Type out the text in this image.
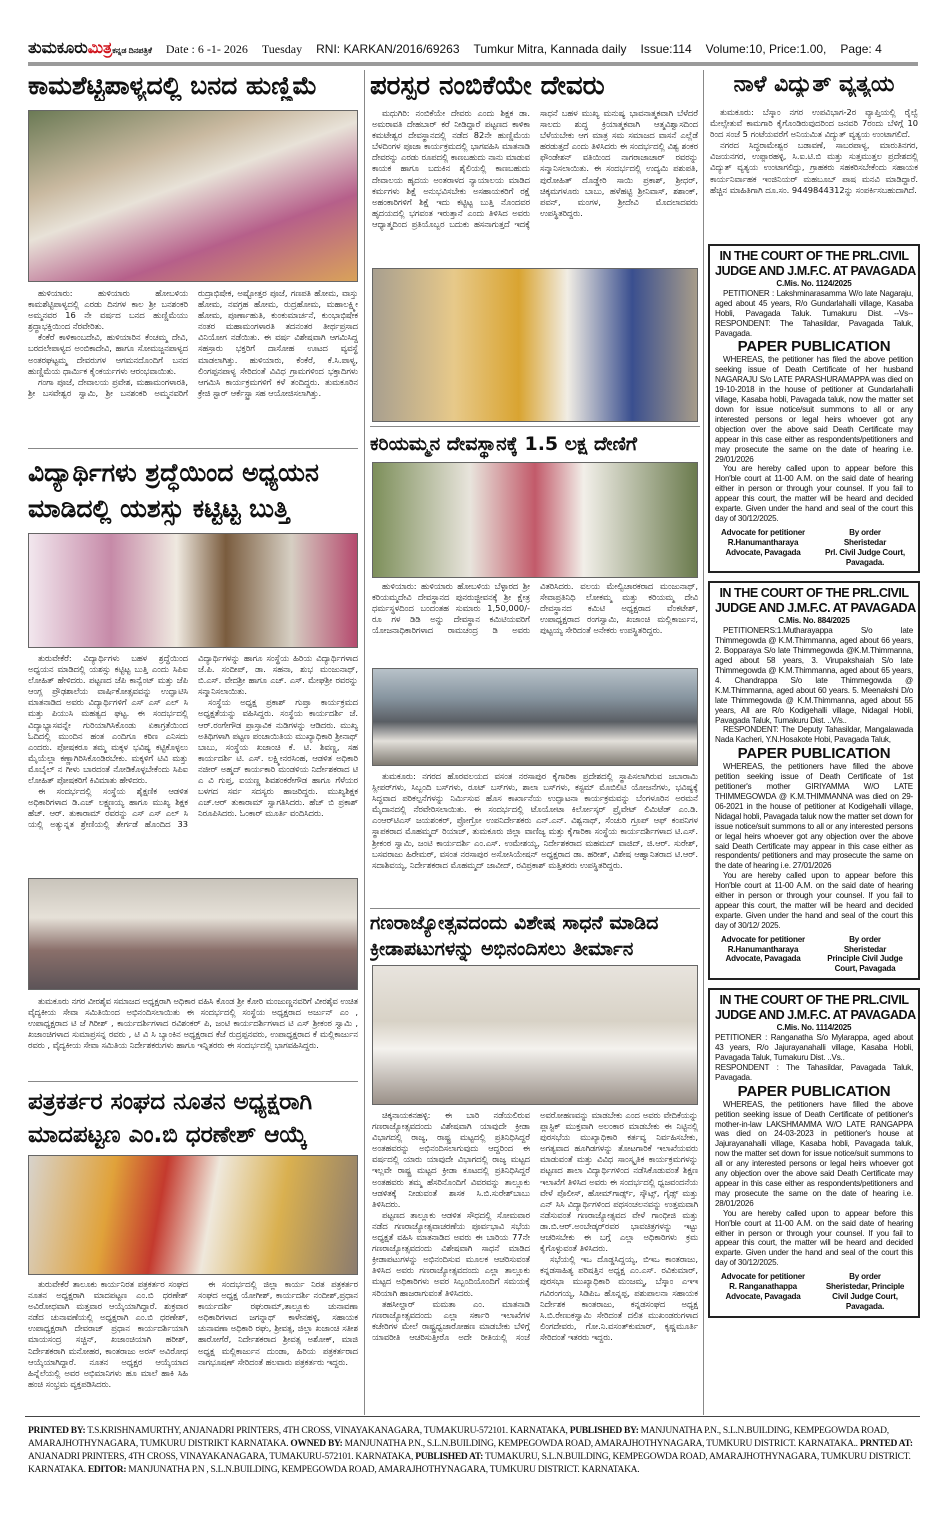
ತುಮಕೂರುಮಿತ್ರಕನ್ನಡ ದಿನಪತ್ರಿಕೆ Date : 6 -1- 2026 Tuesday RNI: KARKAN/2016/69263 Tumkur Mitra, Kannada daily Issue:114 Volume:10, Price:1.00, Page: 4
ಕಾಮಶೆಟ್ಟಿಪಾಳ್ಯದಲ್ಲಿ ಬನದ ಹುಣ್ಣಿಮೆ

ಹುಳಿಯಾರು: ಹುಳಿಯಾರು ಹೋಬಳಿಯ ಕಾಮಶೆಟ್ಟಿಪಾಳ್ಯದಲ್ಲಿ ಎರಡು ದಿನಗಳ ಕಾಲ ಶ್ರೀ ಬನಶಂಕರಿ ಅಮ್ಮನವರ 16 ನೇ ವರ್ಷದ ಬನದ ಹುಣ್ಣಿಮೆಯು ಶ್ರದ್ಧಾಭಕ್ತಿಯಿಂದ ನೆರವೇರಿತು.

ಕೆಂಕೆರೆ ಕಾಳಿಕಾಂಬದೇವಿ, ಹುಳಿಯಾರಿನ ಕೆಂಚಮ್ಮ ದೇವಿ, ಬರದಲೇಪಾಳ್ಯದ ಅಂಬಿಕಾದೇವಿ, ಹಾಗೂ ಸೋಮಜ್ಜನಪಾಳ್ಯದ ಅಂತರಘಟ್ಟಮ್ಮ ದೇವರುಗಳ ಆಗಮನದೊಂದಿಗೆ ಬನದ ಹುಣ್ಣಿಮೆಯ ಧಾರ್ಮಿಕ ಕೈಂಕರ್ಯಗಳು ಆರಂಭವಾಯಿತು.

ಗಂಗಾ ಪೂಜೆ, ದೇವಾಲಯ ಪ್ರವೇಶ, ಮಹಾಮಂಗಳಾರತಿ, ಶ್ರೀ ಬಸವೇಶ್ವರ ಸ್ವಾಮಿ, ಶ್ರೀ ಬನಶಂಕರಿ ಅಮ್ಮನವರಿಗೆ ರುದ್ರಾಭಿಷೇಕ, ಅಷ್ಟೋತ್ತರ ಪೂಜೆ, ಗಣಪತಿ ಹೋಮ, ವಾಸ್ತು ಹೋಮ, ನವಗ್ರಹ ಹೋಮ, ರುದ್ರಹೋಮ, ಮಹಾಲಕ್ಷ್ಮೀ ಹೋಮ, ಪೂರ್ಣಾಹುತಿ, ಕುಂಕುಮಾರ್ಚನೆ, ಕುಂಭಾಭಿಷೇಕ ನಂತರ ಮಹಾಮಂಗಳಾರತಿ ತದನಂತರ ತೀರ್ಥಪ್ರಸಾದ ವಿನಿಯೋಗ ನಡೆಯಿತು. ಈ ವರ್ಷ ವಿಶೇಷವಾಗಿ ಆಗಮಿಸಿದ್ದ ಸಹಸ್ರಾರು ಭಕ್ತರಿಗೆ ದಾಸೋಹ ಊಟದ ವ್ಯವಸ್ಥೆ ಮಾಡಲಾಗಿತ್ತು. ಹುಳಿಯಾರು, ಕೆಂಕೆರೆ, ಕೆ.ಸಿ.ಪಾಳ್ಯ, ಲಿಂಗಪ್ಪನಪಾಳ್ಯ ಸೇರಿದಂತೆ ವಿವಿಧ ಗ್ರಾಮಗಳಿಂದ ಭಕ್ತಾದಿಗಳು ಆಗಮಿಸಿ ಕಾರ್ಯಕ್ರಮಗಳಿಗೆ ಕಳೆ ತಂದಿದ್ದರು. ತುಮಕೂರಿನ ಕ್ರೇಜಿ ಸ್ಟಾರ್ ಆರ್ಕೆಸ್ಟ್ರಾ ಸಹ ಆಯೋಜಿಸಲಾಗಿತ್ತು.

ವಿದ್ಯಾರ್ಥಿಗಳು ಶ್ರದ್ಧೆಯಿಂದ ಅಧ್ಯಯನ
ಮಾಡಿದಲ್ಲಿ ಯಶಸ್ಸು ಕಟ್ಟಿಟ್ಟ ಬುತ್ತಿ

ತುರುವೇಕೆರೆ: ವಿದ್ಯಾರ್ಥಿಗಳು ಬಹಳ ಶ್ರದ್ಧೆಯಿಂದ ಅಧ್ಯಯನ ಮಾಡಿದಲ್ಲಿ ಯಶಸ್ಸು ಕಟ್ಟಿಟ್ಟ ಬುತ್ತಿ ಎಂದು ಸಿಪಿಐ ಲೋಹಿತ್ ಹೇಳಿದರು. ಪಟ್ಟಣದ ಜೆಪಿ ಕಾನ್ವೆಂಟ್ ಮತ್ತು ಜೆಪಿ ಆಂಗ್ಲ ಪ್ರೌಢಶಾಲೆಯ ವಾರ್ಷಿಕೋತ್ಸವವನ್ನು ಉದ್ಘಾಟಿಸಿ ಮಾತನಾಡಿದ ಅವರು ವಿದ್ಯಾರ್ಥಿಗಳಿಗೆ ಎಸ್ ಎಸ್ ಎಲ್ ಸಿ ಮತ್ತು ಪಿಯುಸಿ ಮಹತ್ವದ ಘಟ್ಟ. ಈ ಸಂದರ್ಭದಲ್ಲಿ ವಿದ್ಯಾಭ್ಯಾಸವನ್ನೇ ಗುರಿಯಾಗಿಸಿಕೊಂಡು ಏಕಾಗ್ರತೆಯಿಂದ ಓದಿದಲ್ಲಿ ಮುಂದಿನ ಹಂತ ಎಂದಿಗೂ ಕಠಿಣ ಎನಿಸದು ಎಂದರು. ಪೋಷಕರೂ ತಮ್ಮ ಮಕ್ಕಳ ಭವಿಷ್ಯ ಕಟ್ಟಿಕೊಳ್ಳಲು ಮೈಯೆಲ್ಲಾ ಕಣ್ಣಾಗಿರಿಸಿಕೊಂಡಿರಬೇಕು. ಮಕ್ಕಳಿಗೆ ಟಿವಿ ಮತ್ತು ಮೊಬೈಲ್ ನ ಗೀಳು ಬಾರದಂತೆ ನೋಡಿಕೊಳ್ಳಬೇಕೆಂದು ಸಿಪಿಐ ಲೋಹಿತ್ ಪೋಷಕರಿಗೆ ಕಿವಿಮಾತು ಹೇಳಿದರು.

ಈ ಸಂದರ್ಭದಲ್ಲಿ ಸಂಸ್ಥೆಯ ಶೈಕ್ಷಣಿಕ ಆಡಳಿತ ಅಧಿಕಾರಿಗಳಾದ ಡಿ.ಎಚ್ ಲಕ್ಷ್ಮಣಯ್ಯ ಹಾಗೂ ಮುಖ್ಯ ಶಿಕ್ಷಕ ಹೆಚ್. ಆರ್. ತುಕಾರಾಮ್ ರವರನ್ನು ಎಸ್ ಎಸ್ ಎಲ್ ಸಿ ಯಲ್ಲಿ ಅತ್ಯುನ್ನತ ಶ್ರೇಣಿಯಲ್ಲಿ ತೇರ್ಗಡೆ ಹೊಂದಿದ 33 ವಿದ್ಯಾರ್ಥಿಗಳನ್ನು ಹಾಗೂ ಸಂಸ್ಥೆಯ ಹಿರಿಯ ವಿದ್ಯಾರ್ಥಿಗಳಾದ ಜೆ.ಪಿ. ಸಂದೀಪ್, ಡಾ. ಸಹನಾ, ಶುಭ ಮಂಜುನಾಥ್, ಬಿ.ಎಸ್. ವೇದಶ್ರೀ ಹಾಗೂ ಎಚ್. ಎಸ್. ಮೇಘಶ್ರೀ ರವರನ್ನು ಸನ್ಮಾನಿಸಲಾಯಿತು.

ಸಂಸ್ಥೆಯ ಅಧ್ಯಕ್ಷ ಪ್ರಕಾಶ್ ಗುಪ್ತಾ ಕಾರ್ಯಕ್ರಮದ ಅಧ್ಯಕ್ಷತೆಯನ್ನು ವಹಿಸಿದ್ದರು. ಸಂಸ್ಥೆಯ ಕಾರ್ಯದರ್ಶಿ ಜೆ. ಆರ್.ರಂಗೇಗೌಡ ಪ್ರಾಸ್ತಾವಿಕ ನುಡಿಗಳನ್ನು ಆಡಿದರು. ಮುಖ್ಯ ಅತಿಥಿಗಳಾಗಿ ಪಟ್ಟಣ ಪಂಚಾಯಿತಿಯ ಮುಖ್ಯಾಧಿಕಾರಿ ಶ್ರೀನಾಥ್ ಬಾಬು, ಸಂಸ್ಥೆಯ ಖಜಾಂಚಿ ಕೆ. ಟಿ. ಶಿವಣ್ಣ, ಸಹ ಕಾರ್ಯದರ್ಶಿ ಟಿ. ಎಸ್. ಲಕ್ಷ್ಮೀನರಸಿಂಹ, ಆಡಳಿತ ಅಧಿಕಾರಿ ನಜೀರ್ ಅಹ್ಮದ್ ಕಾರ್ಯಕಾರಿ ಮಂಡಳಿಯ ನಿರ್ದೇಶಕರಾದ ಟಿ ಎ ವಿ ಗುಪ್ತ, ಐಯಣ್ಣ ಶಿವಶಂಕರೇಗೌಡ ಹಾಗೂ ಗೆಳೆಯರ ಬಳಗದ ಸರ್ವ ಸದಸ್ಯರು ಹಾಜರಿದ್ದರು. ಮುಖ್ಯಶಿಕ್ಷಕ ಎಚ್.ಆರ್ ತುಕಾರಾಮ್ ಸ್ವಾಗತಿಸಿದರು. ಹೆಚ್ ಬಿ ಪ್ರಕಾಶ್ ನಿರೂಪಿಸಿದರು. ಓಂಕಾರ್ ಮೂರ್ತಿ ವಂದಿಸಿದರು.

ತುಮಕೂರು ನಗರ ವೀರಶೈವ ಸಮಾಜದ ಅಧ್ಯಕ್ಷರಾಗಿ ಅಧಿಕಾರ ವಹಿಸಿ ಕೊಂಡ ಶ್ರೀ ಕೋರಿ ಮಂಜುಣ್ಣನವರಿಗೆ ವೀರಶೈವ ಉಚಿತ ವೈದ್ಯಕೀಯ ಸೇವಾ ಸಮಿತಿಯಿಂದ ಅಭಿನಂದಿಸಲಾಯಿತು ಈ ಸಂದರ್ಭದಲ್ಲಿ ಸಂಸ್ಥೆಯ ಅಧ್ಯಕ್ಷರಾದ ಅರ್ಜುನ್ ಎಂ , ಉಪಾಧ್ಯಕ್ಷರಾದ ಟಿ ಜೆ ಗಿರೀಶ್ , ಕಾರ್ಯದರ್ಶಿಗಳಾದ ರವಿಶಂಕರ್ ಪಿ, ಜಂಟಿ ಕಾರ್ಯದರ್ಶಿಗಳಾದ ಟಿ ಎಸ್ ಶ್ರೀಕಂಠ ಸ್ವಾಮಿ , ಖಜಾಂಚಿಗಳಾದ ಸುಮಾಪ್ರಸನ್ನ ರವರು , ಟಿ ವಿ ಸಿ ಬ್ಯಾಂಕಿನ ಅಧ್ಯಕ್ಷರಾದ ಕೆಜೆ ರುದ್ರಪ್ಪನವರು, ಉಪಾಧ್ಯಕ್ಷರಾದ ಕೆ ಮಲ್ಲಿಕಾರ್ಜುನ ರವರು , ವೈದ್ಯಕೀಯ ಸೇವಾ ಸಮಿತಿಯ ನಿರ್ದೇಶಕರುಗಳು ಹಾಗೂ ಇನ್ನಿತರರು ಈ ಸಂದರ್ಭದಲ್ಲಿ ಭಾಗವಹಿಸಿದ್ದರು.

ಪತ್ರಕರ್ತರ ಸಂಘದ ನೂತನ ಅಧ್ಯಕ್ಷರಾಗಿ
ಮಾದಪಟ್ಟಣ ಎಂ.ಬಿ ಧರಣೇಶ್ ಆಯ್ಕೆ

ತುರುವೇಕೆರೆ ತಾಲೂಕು ಕಾರ್ಯನಿರತ ಪತ್ರಕರ್ತರ ಸಂಘದ ನೂತನ ಅಧ್ಯಕ್ಷರಾಗಿ ಮಾದಪಟ್ಟಣ ಎಂ.ಬಿ ಧರಣೇಶ್ ಅವಿರೋಧವಾಗಿ ಮತ್ತವಾರ ಆಯ್ಕೆಯಾಗಿದ್ದಾರೆ. ಶುಕ್ರವಾರ ನಡೆದ ಚುನಾವಣೆಯಲ್ಲಿ ಅಧ್ಯಕ್ಷರಾಗಿ ಎಂ.ಬಿ ಧರಣೇಶ್, ಉಪಾಧ್ಯಕ್ಷರಾಗಿ ದೇವರಾಜ್ ಪ್ರಧಾನ ಕಾರ್ಯದರ್ಶಿಯಾಗಿ ಮಾಯಸಂದ್ರ ಸಚ್ಚಿನ್, ಖಜಾಂಚಿಯಾಗಿ ಹರೀಶ್, ನಿರ್ದೇಶಕರಾಗಿ ಮನೋಹರ, ಕಾಂತರಾಜು ಅರಸ್ ಅವಿರೋಧ ಆಯ್ಕೆಯಾಗಿದ್ದಾರೆ. ನೂತನ ಅಧ್ಯಕ್ಷರ ಆಯ್ಕೆಯಾದ ಹಿನ್ನೆಲೆಯಲ್ಲಿ ಅವರ ಅಭಿಮಾನಿಗಳು ಹೂ ಮಾಲೆ ಹಾಕಿ ಸಿಹಿ ಹಂಚಿ ಸಂಭ್ರಮ ವ್ಯಕ್ತಪಡಿಸಿದರು.

ಈ ಸಂದರ್ಭದಲ್ಲಿ ಜಿಲ್ಲಾ ಕಾರ್ಯ ನಿರತ ಪತ್ರಕರ್ತರ ಸಂಘದ ಅಧ್ಯಕ್ಷ ಯೋಗೀಶ್, ಕಾರ್ಯದರ್ಶಿ ನಂದೀಶ್,ಪ್ರಧಾನ ಕಾರ್ಯದರ್ಶಿ ರಘುರಾಮ್,ತಾಲ್ಲೂಕು ಚುನಾವಣಾ ಅಧಿಕಾರಿಗಳಾದ ಜಗನ್ನಾಥ್ ಕಾಳೇನಹಳ್ಳಿ, ಸಹಾಯಕ ಚುನಾವಣಾ ಅಧಿಕಾರಿ ರಘು, ಶ್ರೀವತ್ಸ, ಜಿಲ್ಲಾ ಖಜಾಂಚಿ ಸತೀಶ ಹಾರೋಗೆರೆ, ನಿರ್ದೇಶಕರಾದ ಶ್ರೀವತ್ಸ ಅಶೋಕ್, ಮಾಜಿ ಅಧ್ಯಕ್ಷ ಮಲ್ಲಿಕಾರ್ಜುನ ದುಂಡಾ, ಹಿರಿಯ ಪತ್ರಕರ್ತರಾದ ನಾಗಭೂಷಣ್ ಸೇರಿದಂತೆ ಹಲವಾರು ಪತ್ರಕರ್ತರು ಇದ್ದರು.

ಪರಸ್ಪರ ನಂಬಿಕೆಯೇ ದೇವರು

ಮಧುಗಿರಿ: ನಂಬಿಕೆಯೇ ದೇವರು ಎಂದು ಶಿಕ್ಷಕ ಡಾ. ಅಮರಾವತಿ ದೇಹಬಾರ್ ಕರೆ ನೀಡಿದ್ದಾರೆ ಪಟ್ಟಣದ ಕಾಳಿಕಾ ಕಮಟೇಶ್ವರ ದೇವಸ್ಥಾನದಲ್ಲಿ ನಡೆದ 82ನೇ ಹುಣ್ಣಿಮೆಯ ಬೆಳದಿಂಗಳ ಪೂಜಾ ಕಾರ್ಯಕ್ರಮದಲ್ಲಿ ಭಾಗವಹಿಸಿ ಮಾತನಾಡಿ ದೇವರನ್ನು ಎರಡು ರೂಪದಲ್ಲಿ ಕಾಣಬಹುದು ನಾನು ಮಾಡುವ ಕಾಯಕ ಹಾಗೂ ಬದುಕಿನ ಶೈಲಿಯಲ್ಲಿ ಕಾಣಬಹುದು ದೇವಾಲಯ ಹೃದಯ ಅಂತರಾಳದ ನ್ಯಾಯಾಲಯ ಮಾಡಿದ ಕರ್ಮಗಳು ಶಿಕ್ಷೆ ಅನುಭವಿಸಬೇಕು ಅಸಹಾಯಕರಿಗೆ ರಕ್ಷೆ ಅಹಂಕಾರಿಗಳಿಗೆ ಶಿಕ್ಷೆ ಇದು ಕಟ್ಟಿಟ್ಟ ಬುತ್ತಿ ನೊಂದವರ ಹೃದಯದಲ್ಲಿ ಭಗವಂತ ಇರುತ್ತಾನೆ ಎಂದು ತಿಳಿಸಿದ ಅವರು ಆಧ್ಯಾತ್ಮದಿಂದ ಪ್ರತಿಯೊಬ್ಬರ ಬದುಕು ಹಸನಾಗುತ್ತದೆ ಇದಕ್ಕೆ ಸಾಧನೆ ಬಹಳ ಮುಖ್ಯ ಮನುಷ್ಯ ಭಾವನಾತ್ಮಕವಾಗಿ ಬೆಳೆದರೆ ಸಾಲದು ಶುದ್ಧ ಕ್ರಿಯಾತ್ಮಕವಾಗಿ ಆತ್ಮವಿಶ್ವಾಸದಿಂದ ಬೆಳೆಯಬೇಕು ಆಗ ಮಾತ್ರ ಸಮ ಸಮಾಜದ ವಾಸನೆ ಎಲ್ಲೆಡೆ ಹರಡುತ್ತದೆ ಎಂದು ತಿಳಿಸಿದರು ಈ ಸಂದರ್ಭದಲ್ಲಿ ವಿಶ್ವ ಶಂಕರ ಫೌಂಡೇಶನ್ ವತಿಯಿಂದ ನಾಗರಾಜಾಚಾರ್ ರವರನ್ನು ಸನ್ಮಾನಿಸಲಾಯಿತು. ಈ ಸಂದರ್ಭದಲ್ಲಿ ಉದ್ಯಮಿ ಪಶುಪತಿ, ಪುರೋಹಿತ್ ದೊಡ್ಡೇರಿ ಸಾಯಿ ಪ್ರಕಾಶ್, ಶ್ರೀಧರ್, ಚಿಕ್ಕಮಗಳೂರು ಬಾಬು, ಹಳೆಹಟ್ಟಿ ಶ್ರೀನಿವಾಸ್, ಶಶಾಂಕ್, ಪವನ್, ಮಂಗಳ, ಶ್ರೀದೇವಿ ಮೊದಲಾದವರು ಉಪಸ್ಥಿತರಿದ್ದರು.

ಕರಿಯಮ್ಮನ ದೇವಸ್ಥಾನಕ್ಕೆ 1.5 ಲಕ್ಷ ದೇಣಿಗೆ

ಹುಳಿಯಾರು: ಹುಳಿಯಾರು ಹೋಬಳಿಯ ಬೆಳ್ಳಾರದ ಶ್ರೀ ಕರಿಯಮ್ಮದೇವಿ ದೇವಸ್ಥಾನದ ಪುನರುಜ್ಜೀವನಕ್ಕೆ ಶ್ರೀ ಕ್ಷೇತ್ರ ಧರ್ಮಸ್ಥಳದಿಂದ ಬಂದಂತಹ ಸುಮಾರು 1,50,000/- ರೂ ಗಳ ಡಿಡಿ ಅನ್ನು ದೇವಸ್ಥಾನ ಕಮಿಟಿಯವರಿಗೆ ಯೋಜನಾಧಿಕಾರಿಗಳಾದ ರಾಮಚಂದ್ರ ಡಿ ಅವರು ವಿತರಿಸಿದರು. ವಲಯ ಮೇಲ್ವಿಚಾರಕರಾದ ಮಂಜುನಾಥ್, ಸೇವಾಪ್ರತಿನಿಧಿ ಲೋಕಮ್ಮ ಮತ್ತು ಕರಿಯಮ್ಮ ದೇವಿ ದೇವಸ್ಥಾನದ ಕಮಿಟಿ ಅಧ್ಯಕ್ಷರಾದ ವೆಂಕಟೇಶ್, ಉಪಾಧ್ಯಕ್ಷರಾದ ರಂಗಸ್ವಾಮಿ, ಖಜಾಂಚಿ ಮಲ್ಲಿಕಾರ್ಜುನ, ಪುಟ್ಟಯ್ಯ ಸೇರಿದಂತೆ ಅನೇಕರು ಉಪಸ್ಥಿತರಿದ್ದರು.

ತುಮಕೂರು: ನಗರದ ಹೊರವಲಯದ ವಸಂತ ನರಸಾಪುರ ಕೈಗಾರಿಕಾ ಪ್ರದೇಶದಲ್ಲಿ ಸ್ಥಾಪಿಸಲಾಗಿರುವ ಜಬಾರಾಮಿ ಸ್ಲೀಪರ್‌ಗಳು, ಸಿಬ್ಬಂದಿ ಬಸ್‌ಗಳು, ರೂಟ್ ಬಸ್‌ಗಳು, ಶಾಲಾ ಬಸ್‌ಗಳು, ಕಸ್ಟಮ್ ಮೊಬಿಲಿಟಿ ಯೋಜನೆಗಳು, ಭವಿಷ್ಯಕ್ಕೆ ಸಿದ್ಧವಾದ ಪರಿಕಲ್ಪನೆಗಳನ್ನು ನಿರ್ಮಿಸುವ ಹೊಸ ಕಾರ್ಖಾನೆಯ ಉದ್ಘಾಟನಾ ಕಾರ್ಯಕ್ರಮವನ್ನು ಬೆಂಗಳೂರಿನ ಅರಮನೆ ಮೈದಾನದಲ್ಲಿ ನೆರವೇರಿಸಲಾಯಿತು. ಈ ಸಂದರ್ಭದಲ್ಲಿ ಟೊಯೋಟಾ ಕಿರ್ಲೋಸ್ಕರ್ ಪ್ರೈವೇಟ್ ಲಿಮಿಟೆಡ್ ಎಂ.ಡಿ. ಎಂಆರ್‌ಟಿಎಸ್ ಜಯಶಂಕರ್, ಪ್ರೋಗ್ರೋ ಉಪನಿರ್ದೇಶಕರು ಎನ್.ಎನ್. ವಿಶ್ವನಾಥ್, ಸೆಂಚುರಿ ಗ್ರೂಪ್ ಆಫ್ ಕಂಪನಿಗಳ ಸ್ಥಾಪಕರಾದ ಮೊಹಮ್ಮದ್ ರಿಯಾಜ್, ತುಮಕೂರು ಜಿಲ್ಲಾ ವಾಣಿಜ್ಯ ಮತ್ತು ಕೈಗಾರಿಕಾ ಸಂಸ್ಥೆಯ ಕಾರ್ಯದರ್ಶಿಗಳಾದ ಟಿ.ಎಸ್. ಶ್ರೀಕಂಠ ಸ್ವಾಮಿ, ಜಂಟಿ ಕಾರ್ಯದರ್ಶಿ ಎಂ.ಎಸ್. ಉಮೇಶಯ್ಯ, ನಿರ್ದೇಶಕರಾದ ಮಹಮದ್ ವಾಜಿದ್, ಜಿ.ಆರ್. ಸುರೇಶ್, ಬಸವರಾಜು ಹಿರೇಮಠ್, ವಸಂತ ನರಸಾಪುರ ಅಸೋಸಿಯೇಷನ್ ಅಧ್ಯಕ್ಷರಾದ ಡಾ. ಹರೀಶ್, ವಿಶೇಷ ಆಹ್ವಾನಿತರಾದ ಟಿ.ಆರ್. ಸದಾಶಿವಯ್ಯ, ನಿರ್ದೇಶಕರಾದ ಮೊಹಮ್ಮದ್ ಜಾವೀದ್, ರವಿಪ್ರಕಾಶ್ ಮತ್ತಿತರರು ಉಪಸ್ಥಿತರಿದ್ದರು.

ಗಣರಾಜ್ಯೋತ್ಸವದಂದು ವಿಶೇಷ ಸಾಧನೆ ಮಾಡಿದ
ಕ್ರೀಡಾಪಟುಗಳನ್ನು ಅಭಿನಂದಿಸಲು ತೀರ್ಮಾನ

ಚಿಕ್ಕನಾಯಕನಹಳ್ಳಿ: ಈ ಬಾರಿ ನಡೆಯಲಿರುವ ಗಣರಾಜ್ಯೋತ್ಸವದಂದು ವಿಶೇಷವಾಗಿ ಯಾವುದೇ ಕ್ರೀಡಾ ವಿಭಾಗದಲ್ಲಿ ರಾಜ್ಯ, ರಾಷ್ಟ್ರ ಮಟ್ಟದಲ್ಲಿ ಪ್ರತಿನಿಧಿಸಿದ್ದರೆ ಅಂತಹವರನ್ನು ಅಭಿನಂದಿಸಲಾಗುವುದು ಆದ್ದರಿಂದ ಈ ವರ್ಷದಲ್ಲಿ ಯಾರು ಯಾವುದೇ ವಿಭಾಗದಲ್ಲಿ ರಾಜ್ಯ ಮಟ್ಟದ ಇಲ್ಲವೇ ರಾಷ್ಟ್ರ ಮಟ್ಟದ ಕ್ರೀಡಾ ಕೂಟದಲ್ಲಿ ಪ್ರತಿನಿಧಿಸಿದ್ದರೆ ಅಂತಹವರು ತಮ್ಮ ಹೆಸರಿನೊಂದಿಗೆ ವಿವರವನ್ನು ತಾಲ್ಲೂಕು ಆಡಳಿತಕ್ಕೆ ನೀಡುವಂತೆ ಶಾಸಕ ಸಿ.ಬಿ.ಸುರೇಶ್‌ಬಾಬು ತಿಳಿಸಿದರು.

ಪಟ್ಟಣದ ತಾಲ್ಲೂಕು ಆಡಳಿತ ಸೌಧದಲ್ಲಿ ಸೋಮವಾರ ನಡೆದ ಗಣರಾಜ್ಯೋತ್ಸವಾಚರಣೆಯ ಪೂರ್ವಭಾವಿ ಸಭೆಯ ಅಧ್ಯಕ್ಷತೆ ವಹಿಸಿ ಮಾತನಾಡಿದ ಅವರು ಈ ಬಾರಿಯ 77ನೇ ಗಣರಾಜ್ಯೋತ್ಸವದಂದು ವಿಶೇಷವಾಗಿ ಸಾಧನೆ ಮಾಡಿದ ಕ್ರೀಡಾಪಟುಗಳನ್ನು ಅಭಿನಂದಿಸುವ ಮೂಲಕ ಆಚರಿಸುವಂತೆ ತಿಳಿಸಿದ ಅವರು ಗಣರಾಜ್ಯೋತ್ಸವದಂದು ಎಲ್ಲಾ ತಾಲ್ಲೂಕು ಮಟ್ಟದ ಅಧಿಕಾರಿಗಳು ಅವರ ಸಿಬ್ಬಂದಿಯೊಂದಿಗೆ ಸಮಯಕ್ಕೆ ಸರಿಯಾಗಿ ಹಾಜರಾಗುವಂತೆ ತಿಳಿಸಿದರು.

ತಹಸೀಲ್ದಾರ್ ಮಮತಾ ಎಂ. ಮಾತನಾಡಿ ಗಣರಾಜ್ಯೋತ್ಸವದಂದು ಎಲ್ಲಾ ಸರ್ಕಾರಿ ಇಲಾಖೆಗಳ ಕಚೇರಿಗಳ ಮೇಲೆ ರಾಷ್ಟ್ರಧ್ವಜಾರೋಹಣ ಮಾಡಬೇಕು ಬೆಳಿಗ್ಗೆ ಯಾವರೀತಿ ಆಚರಿಸುತ್ತೀರೊ ಅದೇ ರೀತಿಯಲ್ಲಿ ಸಂಜೆ ಅವರೋಹಣವನ್ನು ಮಾಡಬೇಕು ಎಂದ ಅವರು ವೇದಿಕೆಯನ್ನು ಪ್ಲಾಸ್ಟಿಕ್ ಮುಕ್ತವಾಗಿ ಅಲಂಕಾರ ಮಾಡಬೇಕು ಈ ನಿಟ್ಟಿನಲ್ಲಿ ಪುರಸಭೆಯ ಮುಖ್ಯಾಧಿಕಾರಿ ಕರ್ತವ್ಯ ನಿರ್ವಹಿಸಬೇಕು, ಅಗತ್ಯವಾದ ಹೂಗಿಡಗಳನ್ನು ತೋಟಗಾರಿಕೆ ಇಲಾಖೆಯವರು ಮಾಡುವಂತೆ ಮತ್ತು ವಿವಿಧ ಸಾಂಸ್ಕೃತಿಕ ಕಾರ್ಯಕ್ರಮಗಳನ್ನು ಪಟ್ಟಣದ ಶಾಲಾ ವಿದ್ಯಾರ್ಥಿಗಳಿಂದ ನಡೆಸಿಕೊಡುವಂತೆ ಶಿಕ್ಷಣ ಇಲಾಖೆಗೆ ತಿಳಿಸಿದ ಅವರು ಈ ಸಂದರ್ಭದಲ್ಲಿ ಧ್ವಜವಂದನೆಯ ವೇಳೆ ಪೊಲೀಸ್, ಹೋಮ್‌ಗಾರ್ಡ್ಸ್, ಸ್ಕೌಟ್ಸ್, ಗೈಡ್ಸ್ ಮತ್ತು ಎನ್ ಸಿಸಿ ವಿದ್ಯಾರ್ಥಿಗಳಿಂದ ಪಥಸಂಚಲನವನ್ನು ಉತ್ತಮವಾಗಿ ನಡೆಸುವಂತೆ ಗಣರಾಜ್ಯೋತ್ಸವದ ವೇಳೆ ಗಾಂಧೀಜಿ ಮತ್ತು ಡಾ.ಬಿ.ಆರ್.ಅಂಬೇಡ್ಕರ್‌ರವರ ಭಾವಚಿತ್ರಗಳನ್ನು ಇಟ್ಟು ಆಚರಿಸಬೇಕು ಈ ಬಗ್ಗೆ ಎಲ್ಲಾ ಅಧಿಕಾರಿಗಳು ಕ್ರಮ ಕೈಗೊಳ್ಳುವಂತೆ ತಿಳಿಸಿದರು.

ಸಭೆಯಲ್ಲಿ ಇಒ ದೊಡ್ಡಸಿದ್ದಯ್ಯ, ಬಿಇಒ ಕಾಂತರಾಜು, ಕನ್ನಡಸಾಹಿತ್ಯ ಪರಿಷತ್ತಿನ ಅಧ್ಯಕ್ಷ ಎಂ.ಎಸ್. ರವಿಕುಮಾರ್, ಪುರಸಭಾ ಮುಖ್ಯಾಧಿಕಾರಿ ಮಂಜಮ್ಮ, ಬೆಸ್ಕಾಂ ಎಇಇ ಗವಿರಂಗಯ್ಯ, ಸಿಡಿಪಿಒ ಹೊನ್ನಪ್ಪ, ಪಶುಪಾಲನಾ ಸಹಾಯಕ ನಿರ್ದೇಶಕ ಕಾಂತರಾಜು, ಕನ್ನಡಸಂಘದ ಅಧ್ಯಕ್ಷ ಸಿ.ಬಿ.ರೇಣುಕಸ್ವಾಮಿ ಸೇರಿದಂತೆ ದಲಿತ ಮುಖಂಡರುಗಳಾದ ಲಿಂಗದೇವರು, ಗೋ.ನಿ.ವಸಂತ್‌ಕುಮಾರ್, ಕೃಷ್ಣಮೂರ್ತಿ ಸೇರಿದಂತೆ ಇತರರು ಇದ್ದರು.

ನಾಳೆ ವಿದ್ಯುತ್ ವ್ಯತ್ಯಯ

ತುಮಕೂರು: ಬೆಸ್ಕಾಂ ನಗರ ಉಪವಿಭಾಗ-2ರ ವ್ಯಾಪ್ತಿಯಲ್ಲಿ ರೈಲ್ವೆ ಮೇಲ್ಸೇತುವೆ ಕಾಮಗಾರಿ ಕೈಗೊಂಡಿರುವುದರಿಂದ ಜನವರಿ 7ರಂದು ಬೆಳಿಗ್ಗೆ 10 ರಿಂದ ಸಂಜೆ 5 ಗಂಟೆಯವರೆಗೆ ಅನಿಯಮಿತ ವಿದ್ಯುತ್ ವ್ಯತ್ಯಯ ಉಂಟಾಗಲಿದೆ.

ನಗರದ ಸಿದ್ಧರಾಮೇಶ್ವರ ಬಡಾವಣೆ, ಸಾಬರಪಾಳ್ಯ, ಮಾರುತಿನಗರ, ವಿಜಯನಗರ, ಉಪ್ಪಾರಹಳ್ಳಿ, ಸಿ.ಐ.ಟಿ.ಬಿ ಮತ್ತು ಸುತ್ತಮುತ್ತಲ ಪ್ರದೇಶದಲ್ಲಿ ವಿದ್ಯುತ್ ವ್ಯತ್ಯಯ ಉಂಟಾಗಲಿದ್ದು, ಗ್ರಾಹಕರು ಸಹಕರಿಸಬೇಕೆಂದು ಸಹಾಯಕ ಕಾರ್ಯನಿರ್ವಾಹಕ ಇಂಜಿನಿಯರ್ ಮಹಬೂಬ್ ಪಾಷ ಮನವಿ ಮಾಡಿದ್ದಾರೆ. ಹೆಚ್ಚಿನ ಮಾಹಿತಿಗಾಗಿ ದೂ.ಸಂ. 9449844312ನ್ನು ಸಂಪರ್ಕಿಸಬಹುದಾಗಿದೆ.

IN THE COURT OF THE PRL.CIVIL
JUDGE AND J.M.F.C. AT PAVAGADA
C.Mis. No. 1124/2025

PETITIONER : Lakshminarasamma W/o late Nagaraju, aged about 45 years, R/o Gundarlahalli village, Kasaba Hobli, Pavagada Taluk. Tumakuru Dist. --Vs-- RESPONDENT: The Tahasildar, Pavagada Taluk, Pavagada.

PAPER PUBLICATION

WHEREAS, the petitioner has filed the above petition seeking issue of Death Certificate of her husband NAGARAJU S/o LATE PARASHURAMAPPA was died on 19-10-2018 in the house of petitioner at Gundarlahalli village, Kasaba hobli, Pavagada taluk, now the matter set down for issue notice/suit summons to all or any interested persons or legal heirs whoever got any objection over the above said Death Certificate may appear in this case either as respondents/petitioners and may prosecute the same on the date of hearing i.e. 29/01/2026

You are hereby called upon to appear before this Hon'ble court at 11-00 A.M. on the said date of hearing either in person or through your counsel. If you fail to appear this court, the matter will be heard and decided exparte. Given under the hand and seal of the court this day of 30/12/2025.

Advocate for petitioner
R.Hanumantharaya
Advocate, Pavagada
By order
Sheristedar
Prl. Civil Judge Court,
Pavagada.
IN THE COURT OF THE PRL.CIVIL
JUDGE AND J.M.F.C. AT PAVAGADA
C.Mis. No. 884/2025

PETITIONERS:1.Mutharayappa S/o late Thimmegowda @ K.M.Thimmanna, aged about 66 years, 2. Bopparaya S/o late Thimmegowda @K.M.Thimmanna, aged about 58 years, 3. Virupakshaiah S/o late Thimmegowda @ K.M.Thimmanna, aged about 65 years, 4. Chandrappa S/o late Thimmegowda @ K.M.Thimmanna, aged about 60 years. 5. Meenakshi D/o late Thimmegowda @ K.M.Thimmanna, aged about 55 years, All are R/o Kodigehalli village, Nidagal Hobli, Pavagada Taluk, Tumakuru Dist. ..V/s..

RESPONDENT: The Deputy Tahasildar, Mangalawada Nada Kacheri, Y.N.Hosakote Hobi, Pavagada Taluk,

PAPER PUBLICATION

WHEREAS, the petitioners have filled the above petition seeking issue of Death Certificate of 1st petitioner's mother GIRIYAMMA W/O LATE THIMMEGOWDA @ K.M.THIMMANNA was died on 29-06-2021 in the house of petitioner at Kodigehalli village, Nidagal hobli, Pavagada taluk now the matter set down for issue notice/suit summons to all or any interested persons or legal heirs whoever got any objection over the above said Death Certificate may appear in this case either as respondents/ petitioners and may prosecute the same on the date of hearing i.e. 27/01/2026

You are hereby called upon to appear before this Hon'ble court at 11-00 A.M. on the said date of hearing either in person or through your counsel. If you fail to appear this court, the matter will be heard and decided exparte. Given under the hand and seal of the court this day of 30/12/ 2025.

Advocate for petitioner
R.Hanumantharaya
Advocate, Pavagada
By order
Sheristedar
Principle Civil Judge
Court, Pavagada
IN THE COURT OF THE PRL.CIVIL
JUDGE AND J.M.F.C. AT PAVAGADA
C.Mis. No. 1114/2025

PETITIONER : Ranganatha S/o Mylarappa, aged about 43 years, R/o Jajurayanahalli village, Kasaba Hobli, Pavagada Taluk, Tumakuru Dist. ..Vs..

RESPONDENT : The Tahasildar, Pavagada Taluk, Pavagada.

PAPER PUBLICATION

WHEREAS, the petitioners have filled the above petition seeking issue of Death Certificate of petitioner's mother-in-law LAKSHMAMMA W/O LATE RANGAPPA was died on 24-03-2023 in petitioner's house at Jajurayanahalli village, Kasaba hobli, Pavagada taluk, now the matter set down for issue notice/suit summons to all or any interested persons or legal heirs whoever got any objection over the above said Death Certificate may appear in this case either as respondents/petitioners and may prosecute the same on the date of hearing i.e. 28/01/2026

You are hereby called upon to appear before this Hon'ble court at 11-00 A.M. on the said date of hearing either in person or through your counsel. If you fail to appear this court, the matter will be heard and decided exparte. Given under the hand and seal of the court this day of 30/12/2025.

Advocate for petitioner
R. Ranganathappa
Advocate, Pavagada
By order
Sheristedar, Principle
Civil Judge Court,
Pavagada.
PRINTED BY: T.S.KRISHNAMURTHY, ANJANADRI PRINTERS, 4TH CROSS, VINAYAKANAGARA, TUMAKURU-572101. KARNATAKA, PUBLISHED BY: MANJUNATHA P.N., S.L.N.BUILDING, KEMPEGOWDA ROAD, AMARAJHOTHYNAGARA, TUMKURU DISTRIKT KARNATAKA. OWNED BY: MANJUNATHA P.N., S.L.N.BUILDING, KEMPEGOWDA ROAD, AMARAJHOTHYNAGARA, TUMKURU DISTRICT. KARNATAKA.. PRNTED AT: ANJANADRI PRINTERS, 4TH CROSS, VINAYAKANAGARA, TUMAKURU-572101. KARNATAKA, PUBLISHED AT: TUMAKURU, S.L.N.BUILDING, KEMPEGOWDA ROAD, AMARAJHOTHYNAGARA, TUMKURU DISTRICT. KARNATAKA. EDITOR: MANJUNATHA P.N , S.L.N.BUILDING, KEMPEGOWDA ROAD, AMARAJHOTHYNAGARA, TUMKURU DISTRICT. KARNATAKA.
